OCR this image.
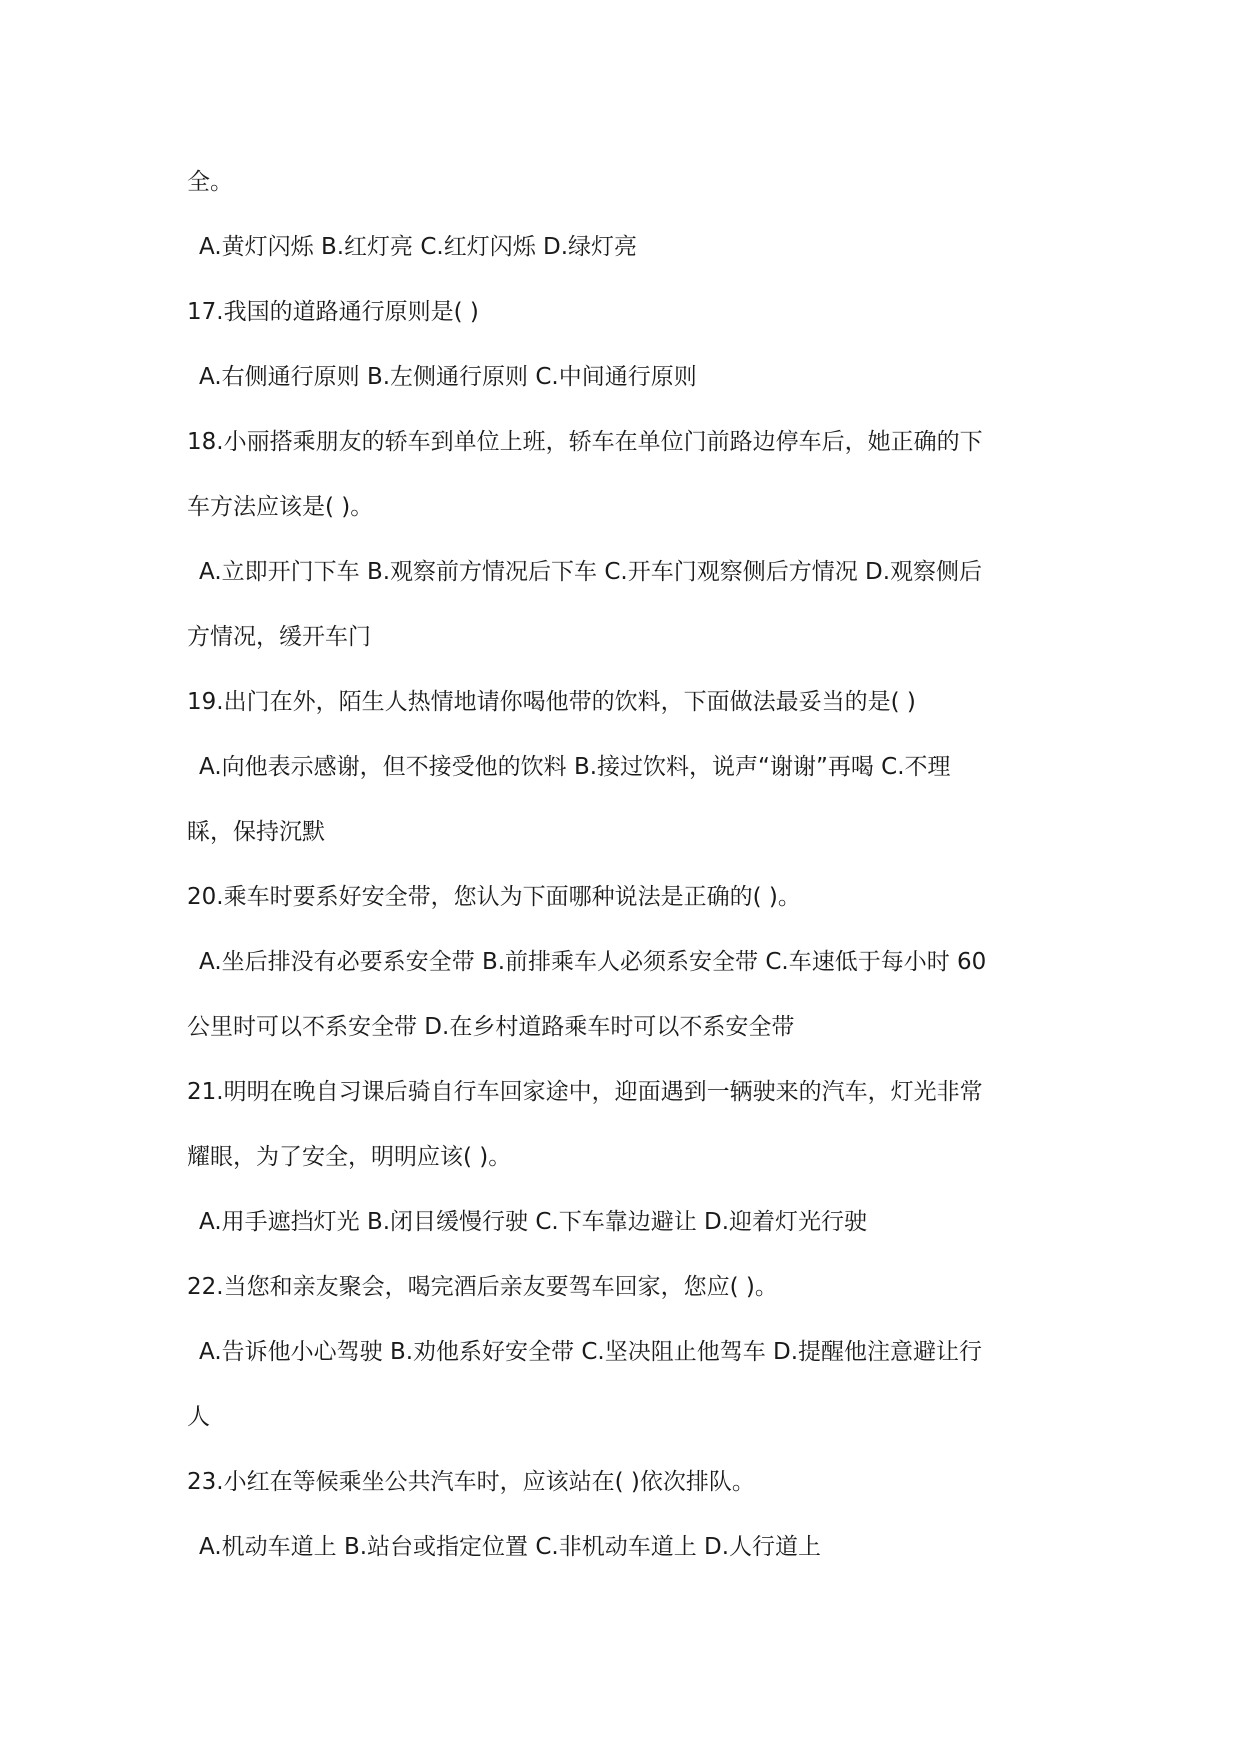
全。
A.黄灯闪烁 B.红灯亮 C.红灯闪烁 D.绿灯亮
17.我国的道路通行原则是( )
A.右侧通行原则 B.左侧通行原则 C.中间通行原则
18.小丽搭乘朋友的轿车到单位上班，轿车在单位门前路边停车后，她正确的下
车方法应该是( )。
A.立即开门下车 B.观察前方情况后下车 C.开车门观察侧后方情况 D.观察侧后
方情况，缓开车门
19.出门在外，陌生人热情地请你喝他带的饮料，下面做法最妥当的是( )
A.向他表示感谢，但不接受他的饮料 B.接过饮料，说声“谢谢”再喝 C.不理
睬，保持沉默
20.乘车时要系好安全带，您认为下面哪种说法是正确的( )。
A.坐后排没有必要系安全带 B.前排乘车人必须系安全带 C.车速低于每小时 60
公里时可以不系安全带 D.在乡村道路乘车时可以不系安全带
21.明明在晚自习课后骑自行车回家途中，迎面遇到一辆驶来的汽车，灯光非常
耀眼，为了安全，明明应该( )。
A.用手遮挡灯光 B.闭目缓慢行驶 C.下车靠边避让 D.迎着灯光行驶
22.当您和亲友聚会，喝完酒后亲友要驾车回家，您应( )。
A.告诉他小心驾驶 B.劝他系好安全带 C.坚决阻止他驾车 D.提醒他注意避让行
人
23.小红在等候乘坐公共汽车时，应该站在( )依次排队。
A.机动车道上 B.站台或指定位置 C.非机动车道上 D.人行道上
